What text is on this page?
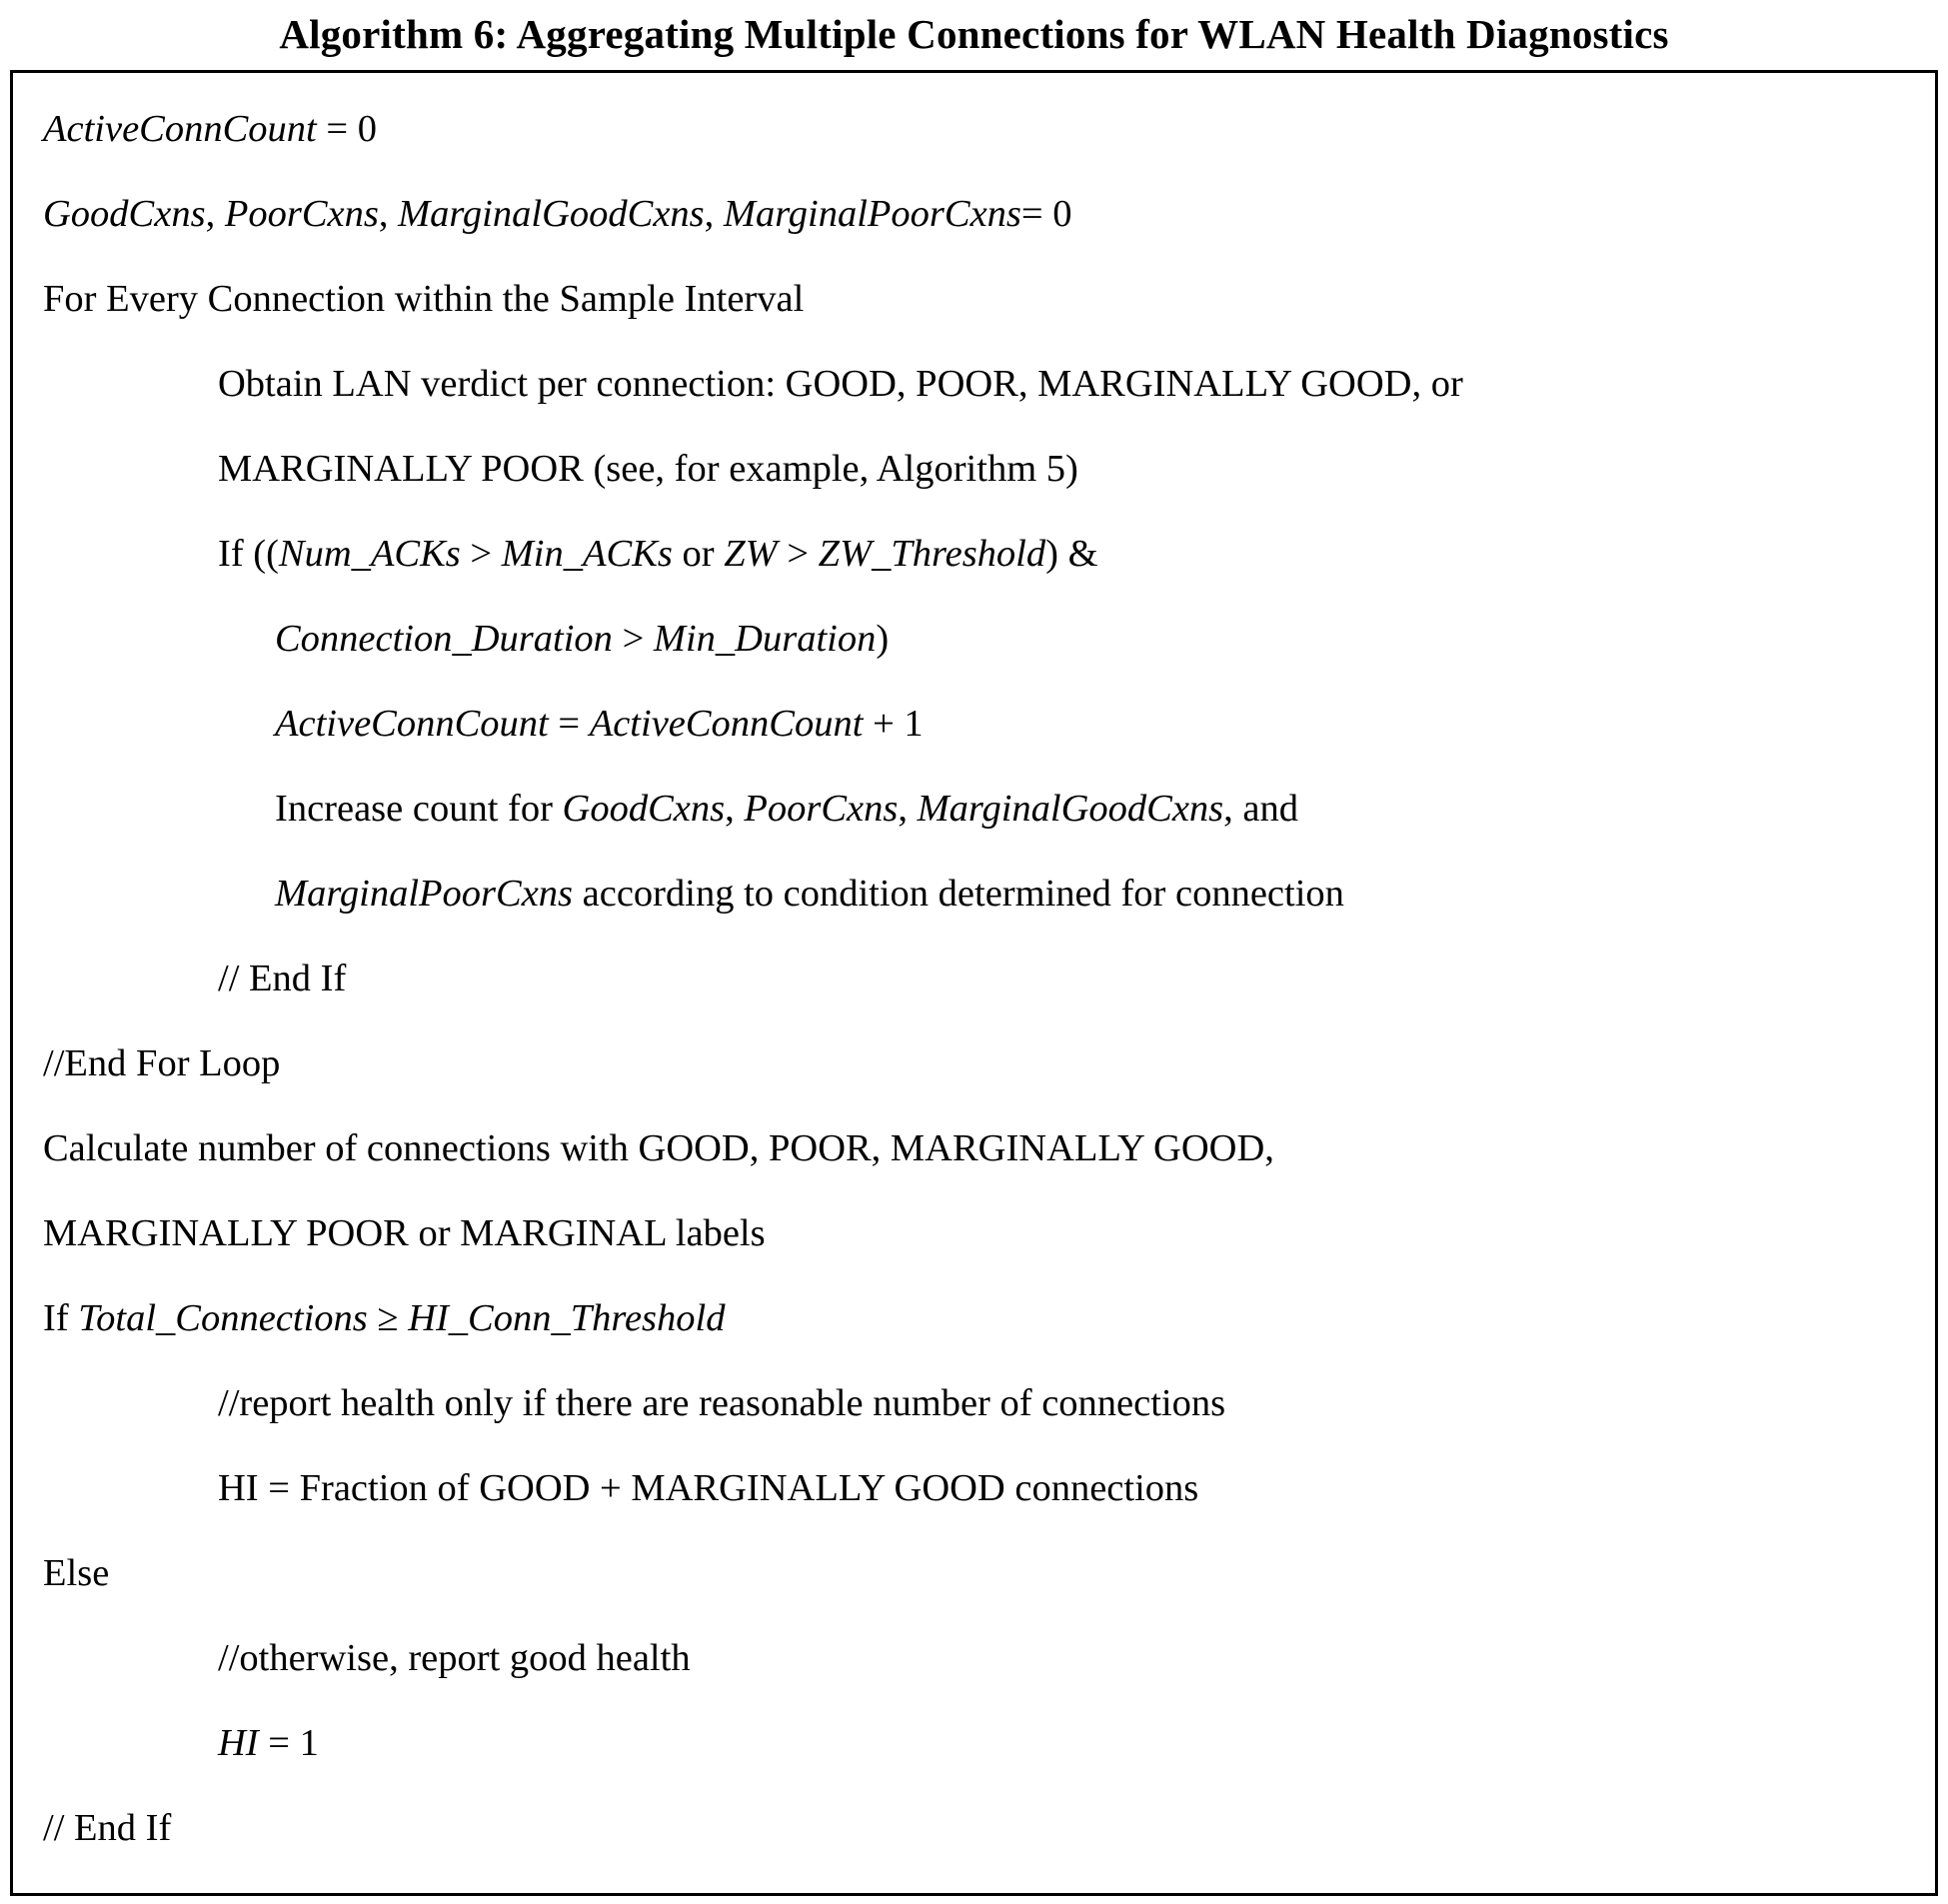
Algorithm 6: Aggregating Multiple Connections for WLAN Health Diagnostics
ActiveConnCount = 0
GoodCxns, PoorCxns, MarginalGoodCxns, MarginalPoorCxns= 0
For Every Connection within the Sample Interval
Obtain LAN verdict per connection: GOOD, POOR, MARGINALLY GOOD, or
MARGINALLY POOR (see, for example, Algorithm 5)
If ((Num_ACKs > Min_ACKs or ZW > ZW_Threshold) &
Connection_Duration > Min_Duration)
ActiveConnCount = ActiveConnCount + 1
Increase count for GoodCxns, PoorCxns, MarginalGoodCxns, and
MarginalPoorCxns according to condition determined for connection
// End If
//End For Loop
Calculate number of connections with GOOD, POOR, MARGINALLY GOOD,
MARGINALLY POOR or MARGINAL labels
If Total_Connections ≥ HI_Conn_Threshold
//report health only if there are reasonable number of connections
HI = Fraction of GOOD + MARGINALLY GOOD connections
Else
//otherwise, report good health
HI = 1
// End If
